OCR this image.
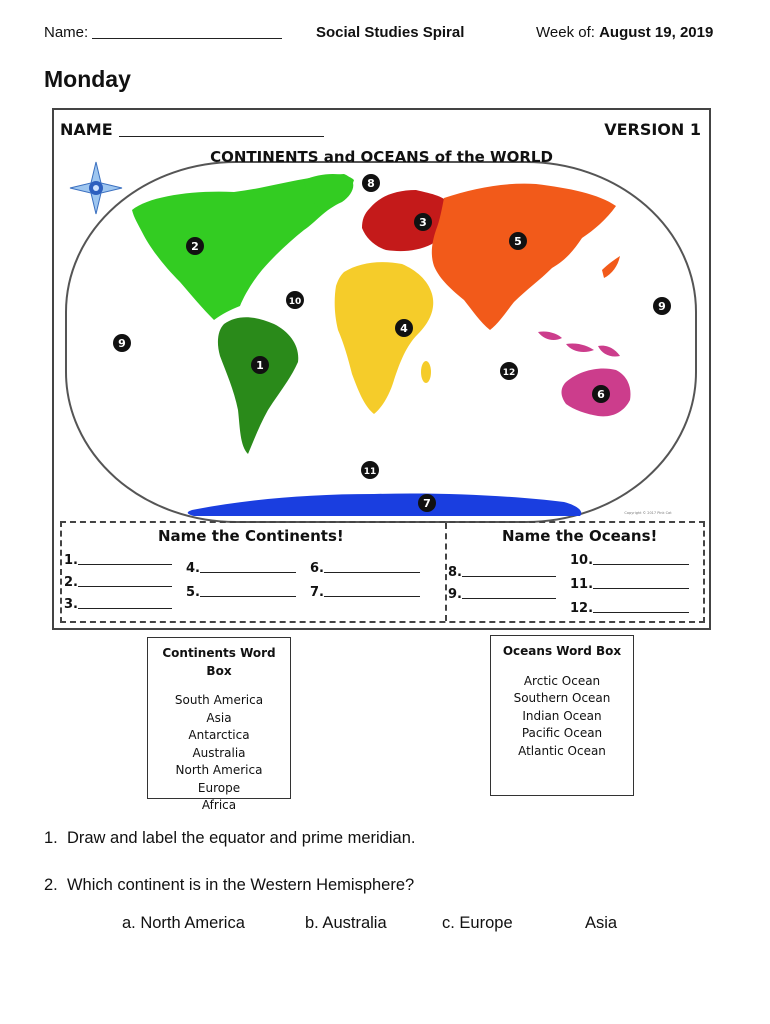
Name:	Social Studies Spiral	Week of: August 19, 2019
Monday
1
2
3
4
5
6
7
8
9
9
10
11
12
Copyright © 2017 Pink Cat
NAME	VERSION 1
CONTINENTS and OCEANS of the WORLD
Name the Continents!	Name the Oceans!
1.
2.
3.
4.
5.
6.
7.
8.
9.
10.
11.
12.
Continents Word Box
South America
Asia
Antarctica
Australia
North America
Europe
Africa
Oceans Word Box
Arctic Ocean
Southern Ocean
Indian Ocean
Pacific Ocean
Atlantic Ocean
1. Draw and label the equator and prime meridian.
2. Which continent is in the Western Hemisphere?
a. North America	b. Australia	c. Europe	Asia
